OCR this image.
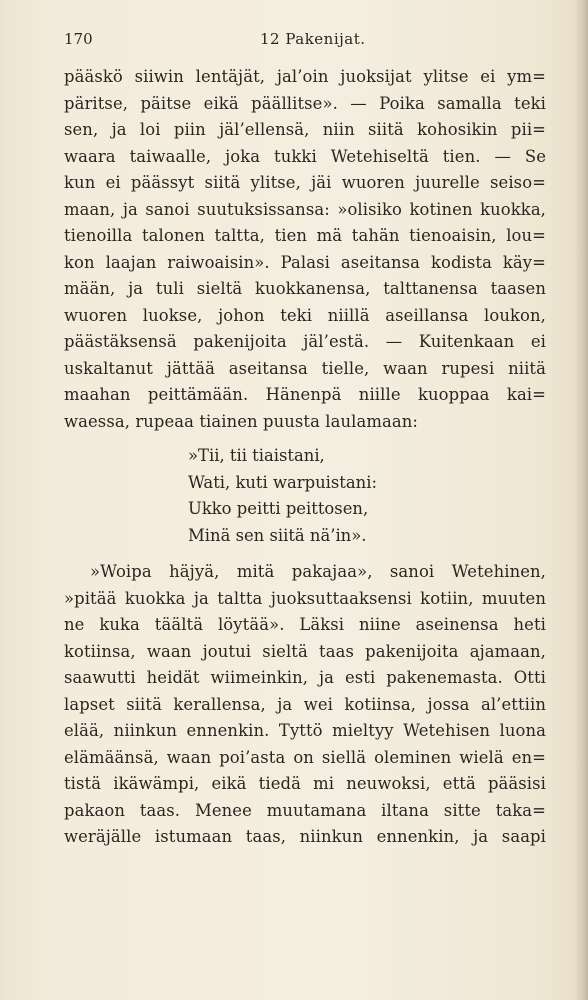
170	12 Pakenijat.
pääskö siiwin lentäjät, jal’oin juoksijat ylitse ei ym=
päritse, päitse eikä päällitse». — Poika samalla teki
sen, ja loi piin jäl’ellensä, niin siitä kohosikin pii=
waara taiwaalle, joka tukki Wetehiseltä tien. — Se
kun ei päässyt siitä ylitse, jäi wuoren juurelle seiso=
maan, ja sanoi suutuksissansa: »olisiko kotinen kuokka,
tienoilla talonen taltta, tien mä tahän tienoaisin, lou=
kon laajan raiwoaisin». Palasi aseitansa kodista käy=
mään, ja tuli sieltä kuokkanensa, talttanensa taasen
wuoren luokse, johon teki niillä aseillansa loukon,
päästäksensä pakenijoita jäl’estä. — Kuitenkaan ei
uskaltanut jättää aseitansa tielle, waan rupesi niitä
maahan peittämään. Hänenpä niille kuoppaa kai=
waessa, rupeaa tiainen puusta laulamaan:
»Tii, tii tiaistani,
Wati, kuti warpuistani:
Ukko peitti peittosen,
Minä sen siitä nä’in».
»Woipa häjyä, mitä pakajaa», sanoi Wetehinen,
»pitää kuokka ja taltta juoksuttaaksensi kotiin, muuten
ne kuka täältä löytää». Läksi niine aseinensa heti
kotiinsa, waan joutui sieltä taas pakenijoita ajamaan,
saawutti heidät wiimeinkin, ja esti pakenemasta. Otti
lapset siitä kerallensa, ja wei kotiinsa, jossa al’ettiin
elää, niinkun ennenkin. Tyttö mieltyy Wetehisen luona
elämäänsä, waan poi’asta on siellä oleminen wielä en=
tistä ikäwämpi, eikä tiedä mi neuwoksi, että pääsisi
pakaon taas. Menee muutamana iltana sitte taka=
weräjälle istumaan taas, niinkun ennenkin, ja saapi
